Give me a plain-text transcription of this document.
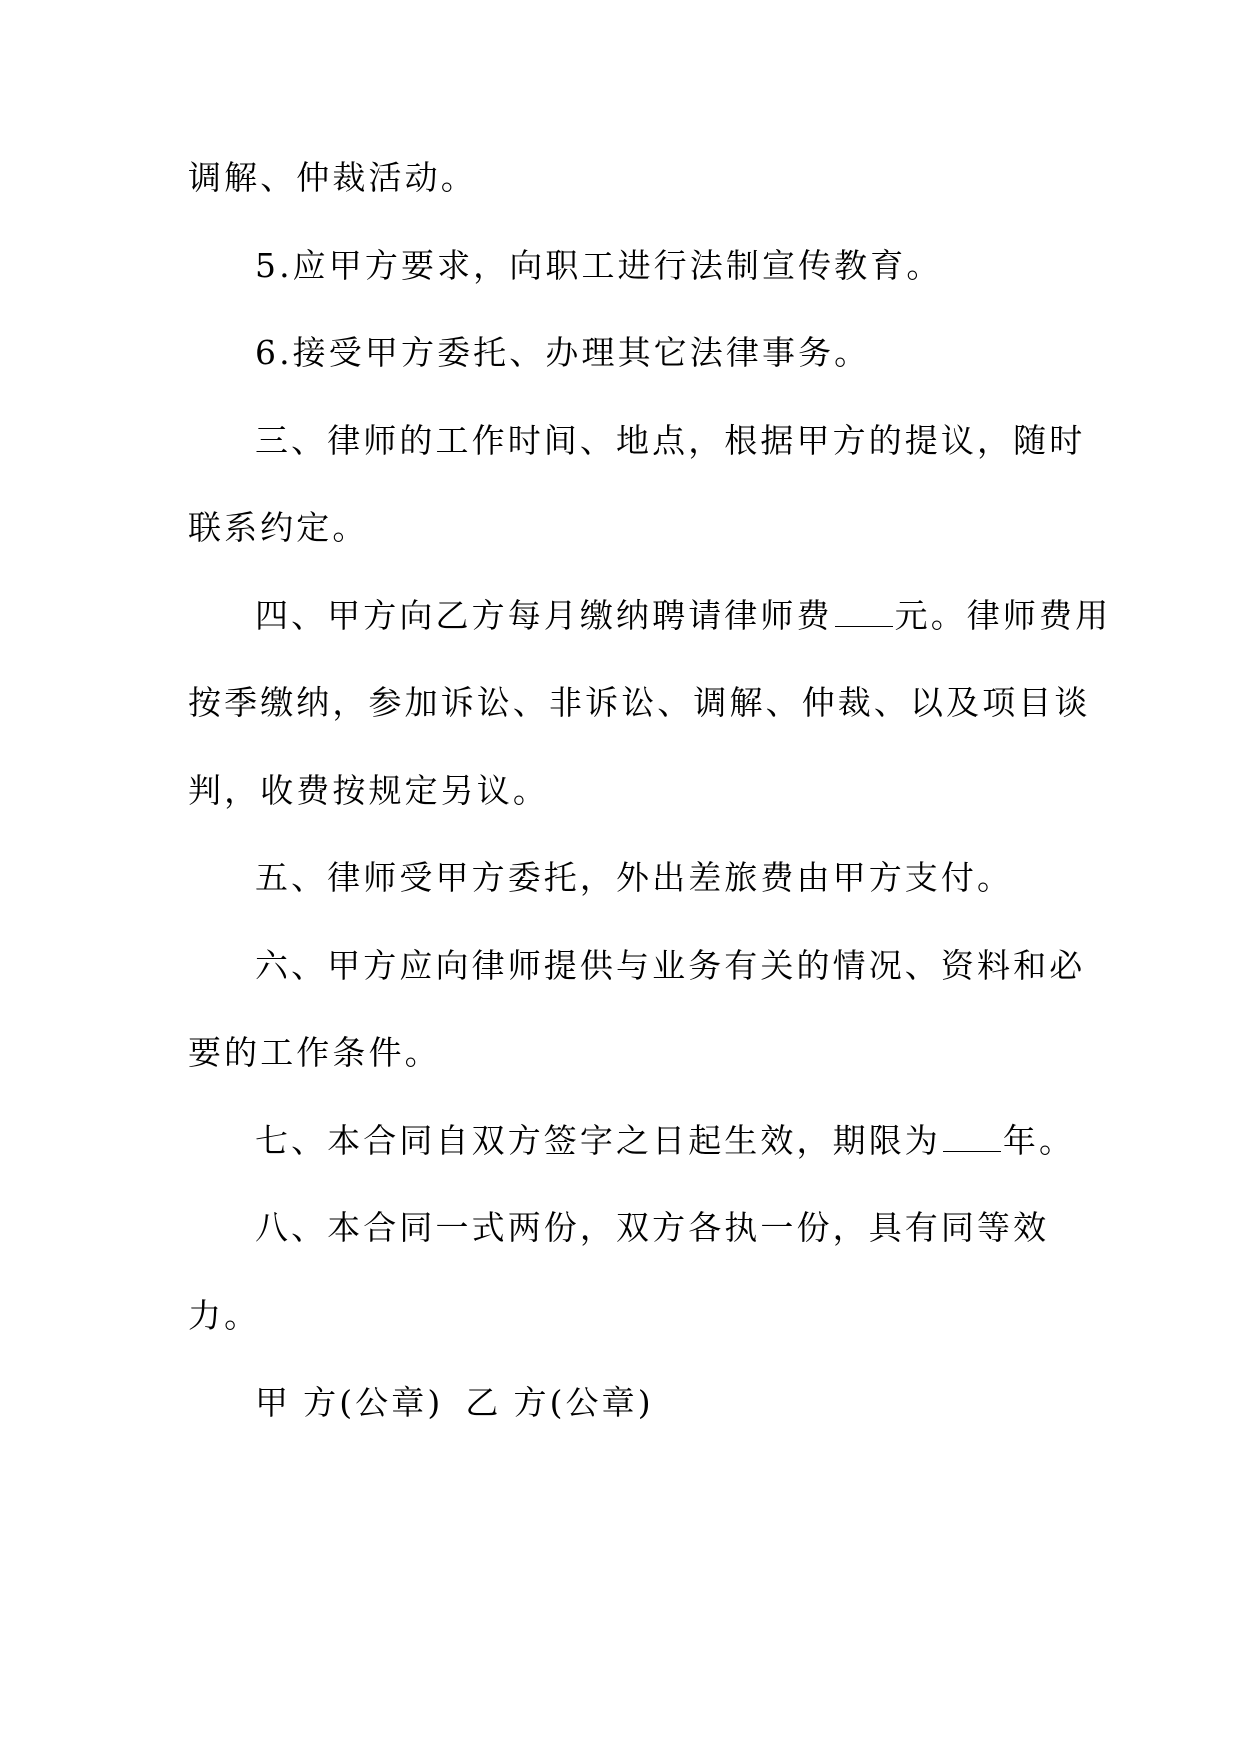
调解、仲裁活动。

5.应甲方要求，向职工进行法制宣传教育。

6.接受甲方委托、办理其它法律事务。

三、律师的工作时间、地点，根据甲方的提议，随时

联系约定。

四、甲方向乙方每月缴纳聘请律师费 元。律师费用

按季缴纳，参加诉讼、非诉讼、调解、仲裁、以及项目谈

判，收费按规定另议。

五、律师受甲方委托，外出差旅费由甲方支付。

六、甲方应向律师提供与业务有关的情况、资料和必

要的工作条件。

七、本合同自双方签字之日起生效，期限为 年。

八、本合同一式两份，双方各执一份，具有同等效

力。

甲 方(公章) 乙 方(公章)
